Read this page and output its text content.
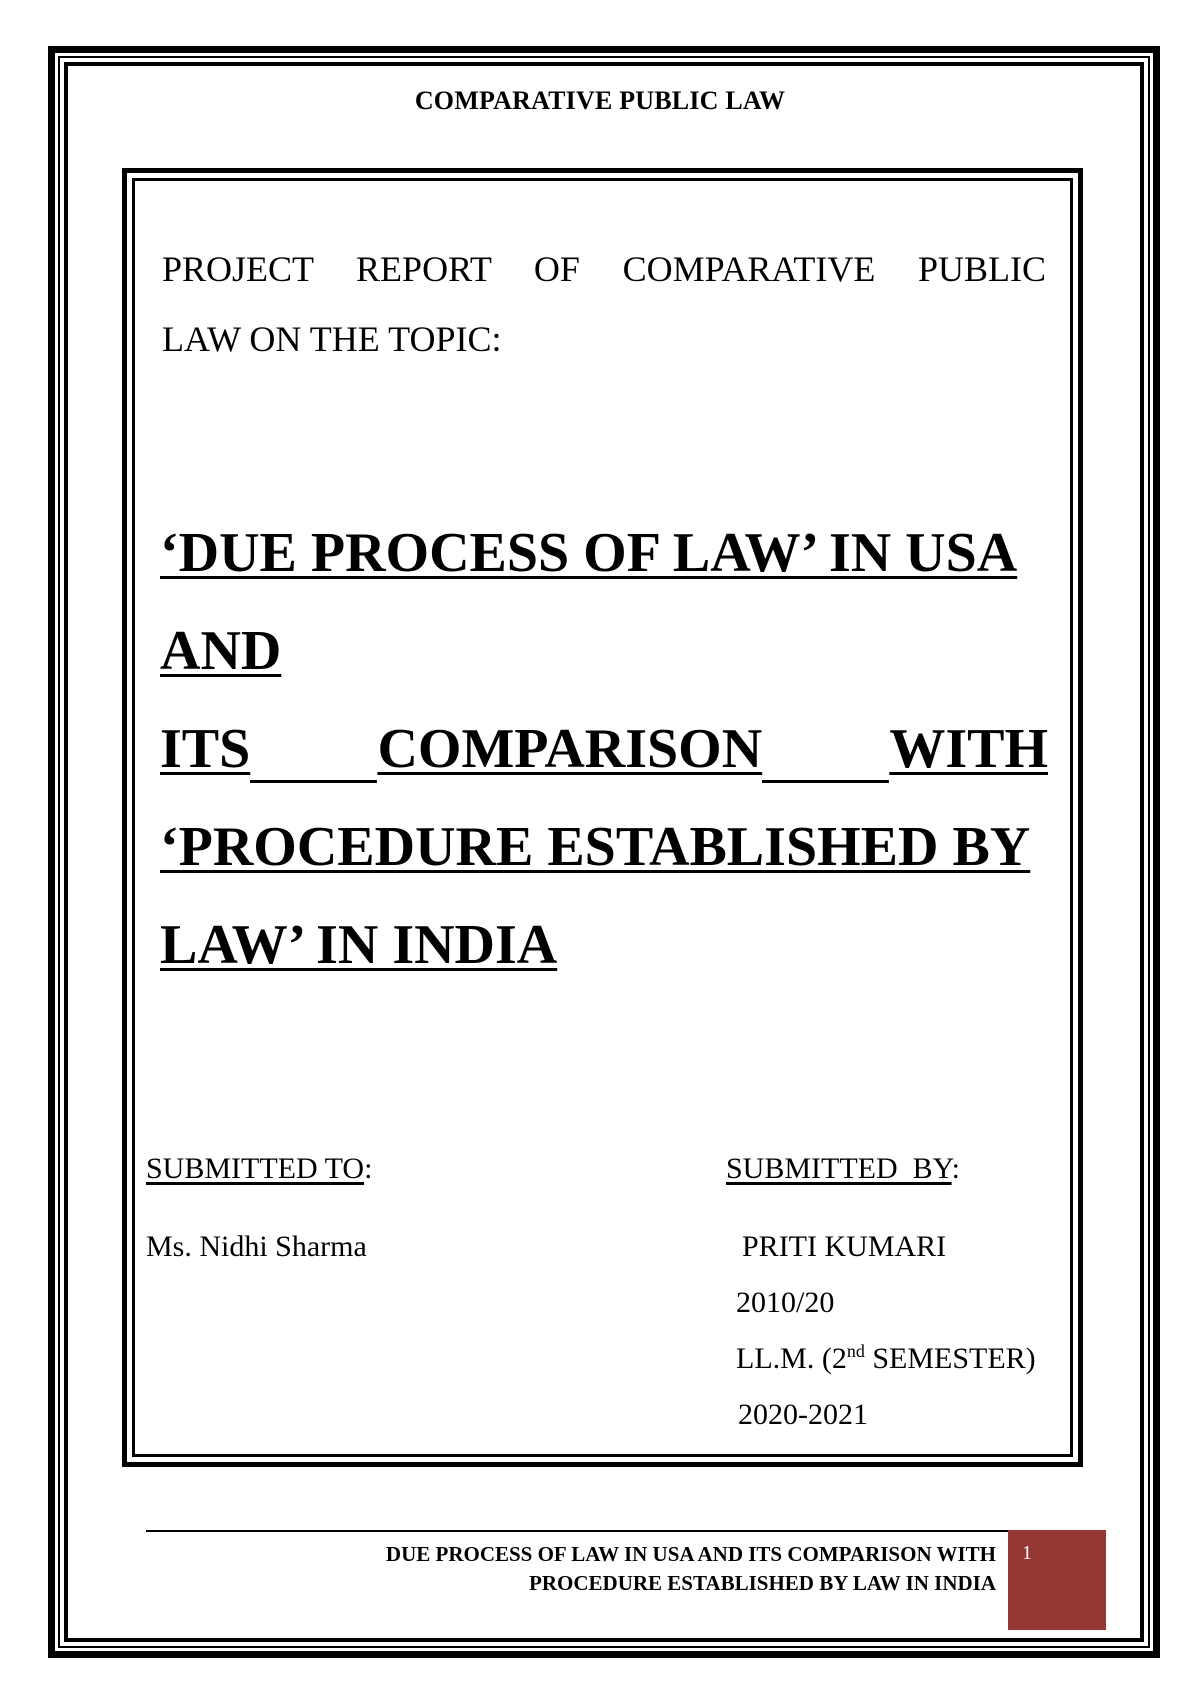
COMPARATIVE PUBLIC LAW
PROJECT REPORT OF COMPARATIVE PUBLIC
LAW ON THE TOPIC:
‘DUE PROCESS OF LAW’ IN USA
AND
ITS COMPARISON WITH
‘PROCEDURE ESTABLISHED BY
LAW’ IN INDIA
SUBMITTED TO:
Ms. Nidhi Sharma
SUBMITTED  BY:
PRITI KUMARI
2010/20
LL.M. (2nd SEMESTER)
2020-2021
DUE PROCESS OF LAW IN USA AND ITS COMPARISON WITH
PROCEDURE ESTABLISHED BY LAW IN INDIA
1
